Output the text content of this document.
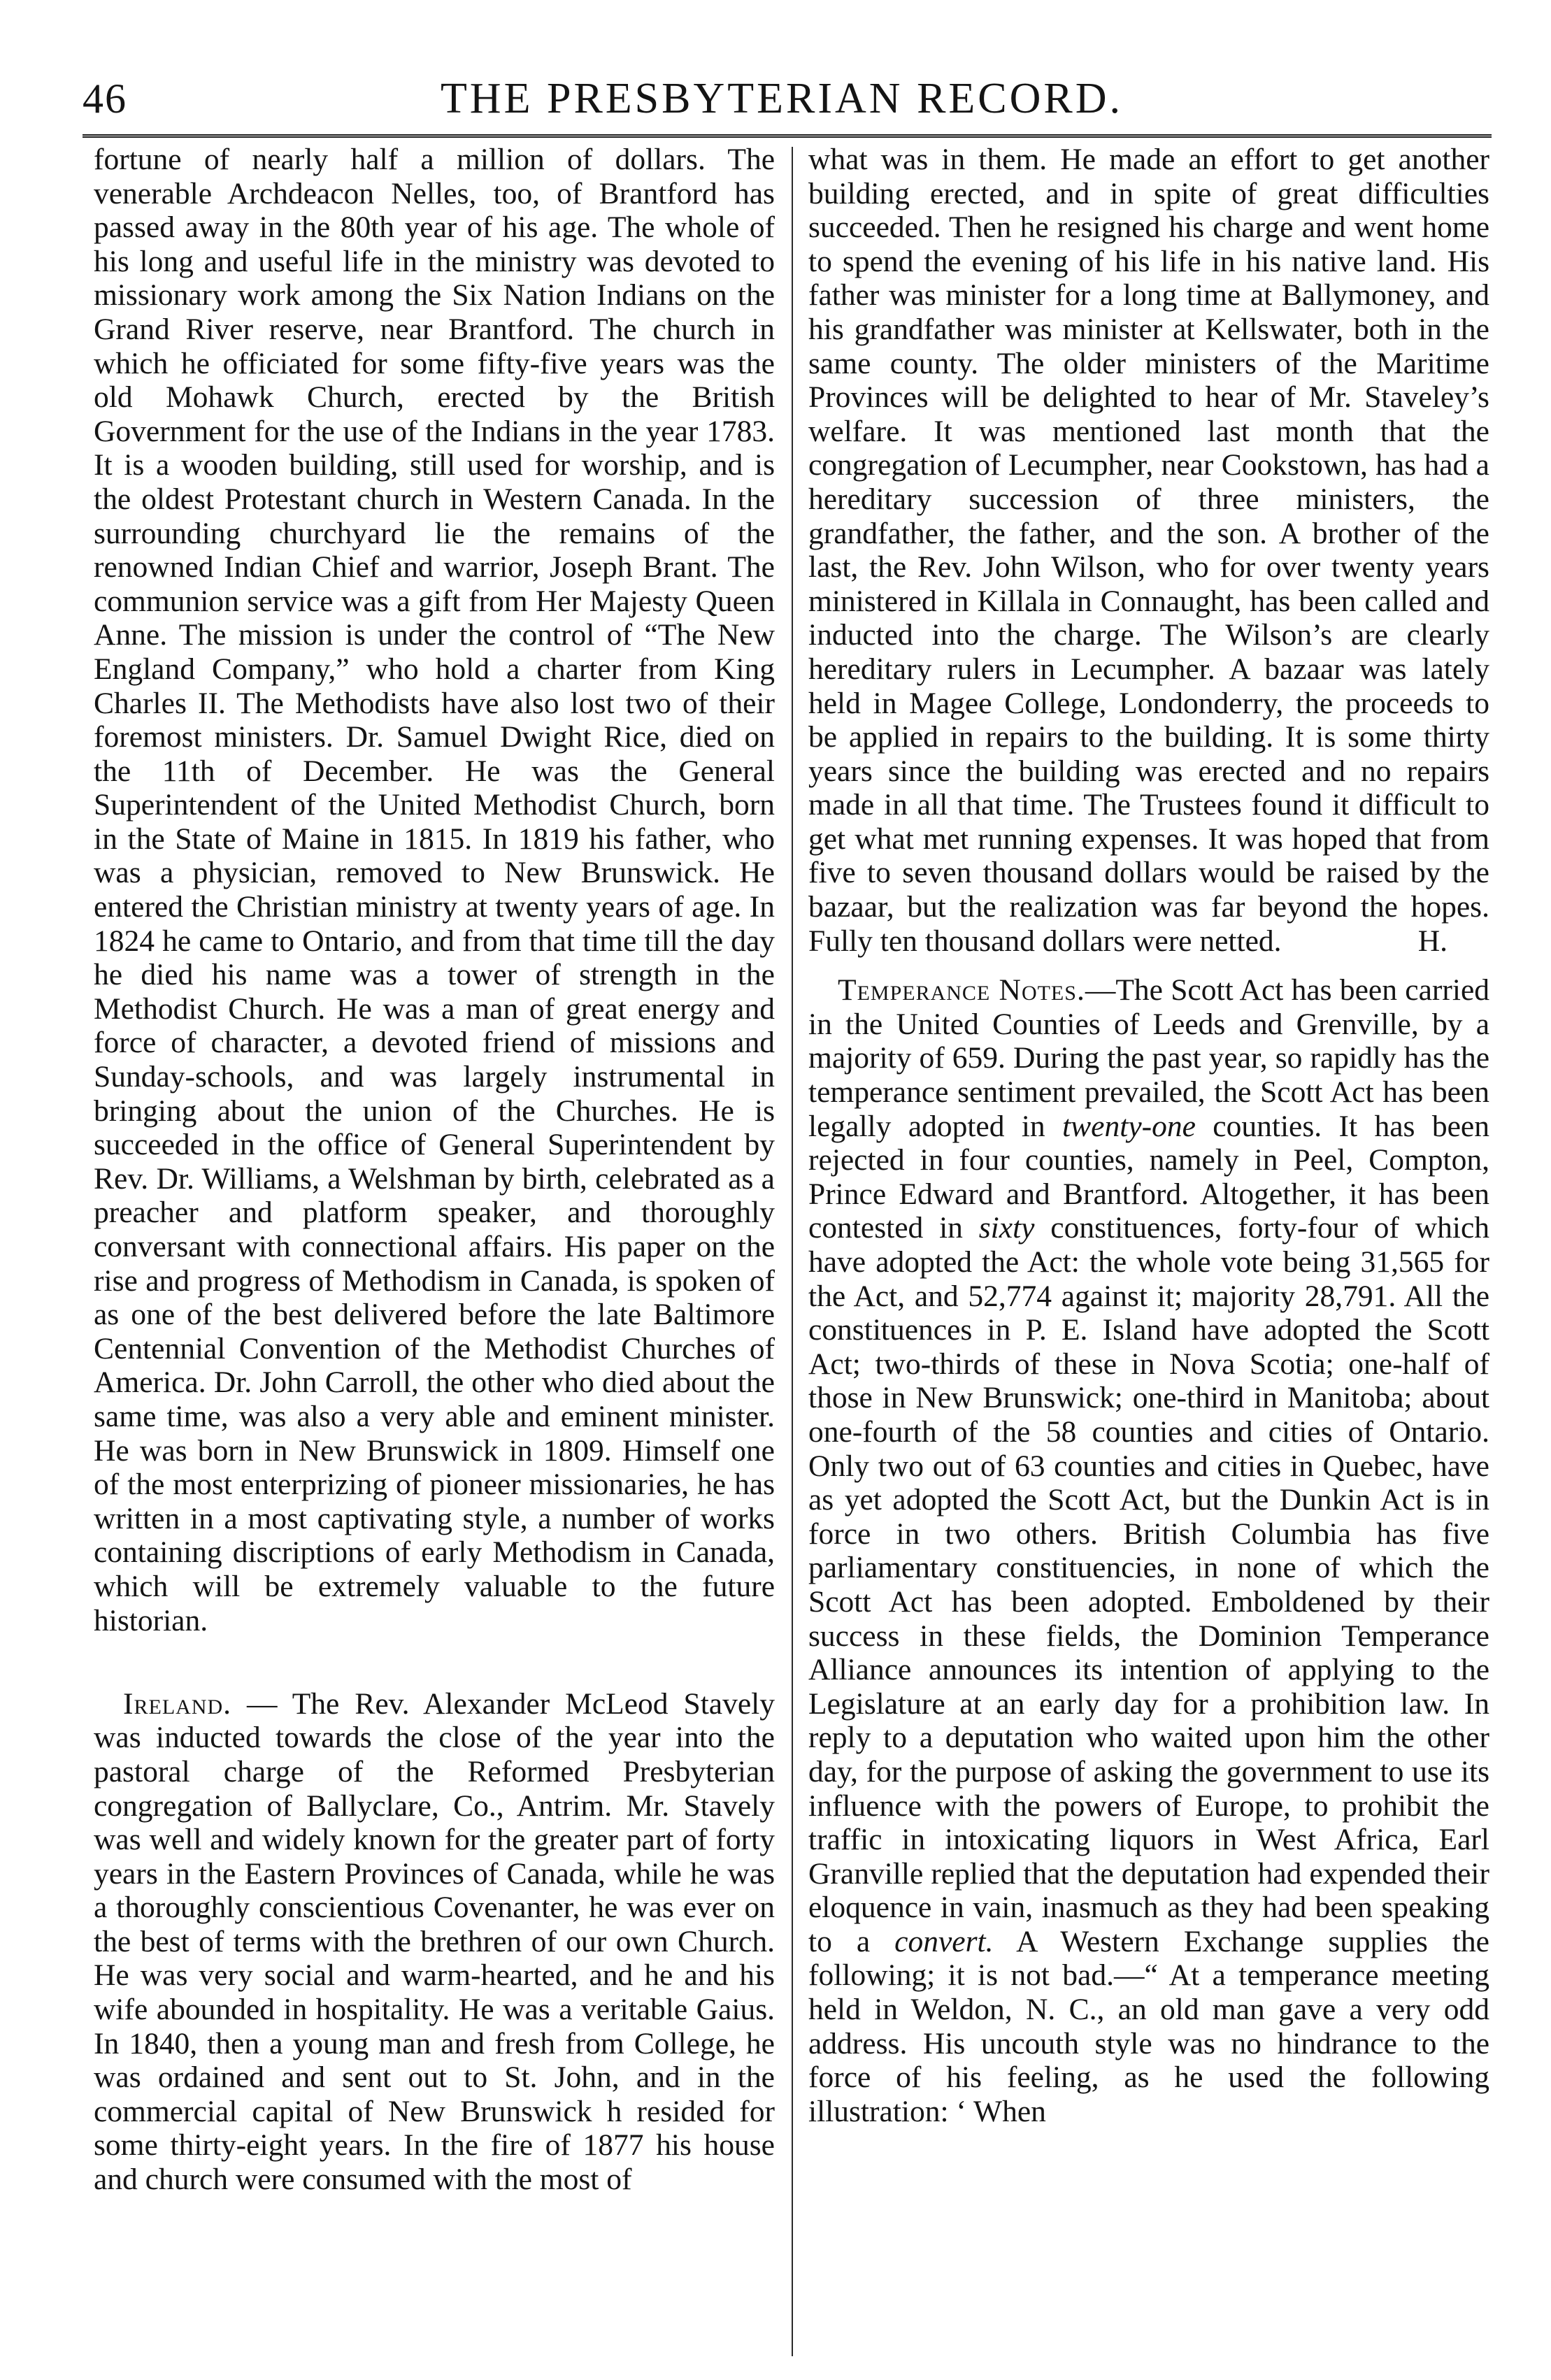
46	THE PRESBYTERIAN RECORD.

fortune of nearly half a million of dollars. The venerable Archdeacon Nelles, too, of Brantford has passed away in the 80th year of his age. The whole of his long and useful life in the ministry was devoted to missionary work among the Six Nation Indians on the Grand River reserve, near Brantford. The church in which he officiated for some fifty-five years was the old Mohawk Church, erected by the British Government for the use of the Indians in the year 1783. It is a wooden building, still used for worship, and is the oldest Protestant church in Western Canada. In the surrounding churchyard lie the remains of the renowned Indian Chief and warrior, Joseph Brant. The communion service was a gift from Her Majesty Queen Anne. The mission is under the control of “The New England Company,” who hold a charter from King Charles II. The Methodists have also lost two of their foremost ministers. Dr. Samuel Dwight Rice, died on the 11th of December. He was the General Superintendent of the United Methodist Church, born in the State of Maine in 1815. In 1819 his father, who was a physician, removed to New Brunswick. He entered the Christian ministry at twenty years of age. In 1824 he came to Ontario, and from that time till the day he died his name was a tower of strength in the Methodist Church. He was a man of great energy and force of character, a devoted friend of missions and Sunday-schools, and was largely instrumental in bringing about the union of the Churches. He is succeeded in the office of General Superintendent by Rev. Dr. Williams, a Welshman by birth, celebrated as a preacher and platform speaker, and thoroughly conversant with connectional affairs. His paper on the rise and progress of Methodism in Canada, is spoken of as one of the best delivered before the late Baltimore Centennial Convention of the Methodist Churches of America. Dr. John Carroll, the other who died about the same time, was also a very able and eminent minister. He was born in New Brunswick in 1809. Himself one of the most enterprizing of pioneer missionaries, he has written in a most captivating style, a number of works containing discriptions of early Methodism in Canada, which will be extremely valuable to the future historian.

Ireland. — The Rev. Alexander McLeod Stavely was inducted towards the close of the year into the pastoral charge of the Reformed Presbyterian congregation of Ballyclare, Co., Antrim. Mr. Stavely was well and widely known for the greater part of forty years in the Eastern Provinces of Canada, while he was a thoroughly conscientious Covenanter, he was ever on the best of terms with the brethren of our own Church. He was very social and warm-hearted, and he and his wife abounded in hospitality. He was a veritable Gaius. In 1840, then a young man and fresh from College, he was ordained and sent out to St. John, and in the commercial capital of New Brunswick h resided for some thirty-eight years. In the fire of 1877 his house and church were consumed with the most of

what was in them. He made an effort to get another building erected, and in spite of great difficulties succeeded. Then he resigned his charge and went home to spend the evening of his life in his native land. His father was minister for a long time at Ballymoney, and his grandfather was minister at Kellswater, both in the same county. The older ministers of the Maritime Provinces will be delighted to hear of Mr. Staveley’s welfare. It was mentioned last month that the congregation of Lecumpher, near Cookstown, has had a hereditary succession of three ministers, the grandfather, the father, and the son. A brother of the last, the Rev. John Wilson, who for over twenty years ministered in Killala in Connaught, has been called and inducted into the charge. The Wilson’s are clearly hereditary rulers in Lecumpher. A bazaar was lately held in Magee College, Londonderry, the proceeds to be applied in repairs to the building. It is some thirty years since the building was erected and no repairs made in all that time. The Trustees found it difficult to get what met running expenses. It was hoped that from five to seven thousand dollars would be raised by the bazaar, but the realization was far beyond the hopes. Fully ten thousand dollars were netted.	H.

Temperance Notes.—The Scott Act has been carried in the United Counties of Leeds and Grenville, by a majority of 659. During the past year, so rapidly has the temperance sentiment prevailed, the Scott Act has been legally adopted in twenty-one counties. It has been rejected in four counties, namely in Peel, Compton, Prince Edward and Brantford. Altogether, it has been contested in sixty constituences, forty-four of which have adopted the Act: the whole vote being 31,565 for the Act, and 52,774 against it; majority 28,791. All the constituences in P. E. Island have adopted the Scott Act; two-thirds of these in Nova Scotia; one-half of those in New Brunswick; one-third in Manitoba; about one-fourth of the 58 counties and cities of Ontario. Only two out of 63 counties and cities in Quebec, have as yet adopted the Scott Act, but the Dunkin Act is in force in two others. British Columbia has five parliamentary constituencies, in none of which the Scott Act has been adopted. Emboldened by their success in these fields, the Dominion Temperance Alliance announces its intention of applying to the Legislature at an early day for a prohibition law. In reply to a deputation who waited upon him the other day, for the purpose of asking the government to use its influence with the powers of Europe, to prohibit the traffic in intoxicating liquors in West Africa, Earl Granville replied that the deputation had expended their eloquence in vain, inasmuch as they had been speaking to a convert. A Western Exchange supplies the following; it is not bad.—“ At a temperance meeting held in Weldon, N. C., an old man gave a very odd address. His uncouth style was no hindrance to the force of his feeling, as he used the following illustration: ‘ When
